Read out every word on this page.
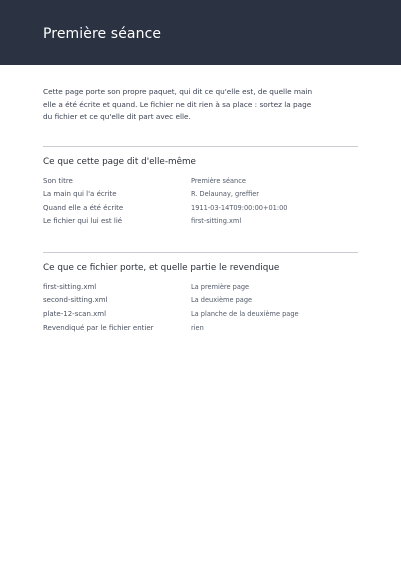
Première séance

Cette page porte son propre paquet, qui dit ce qu'elle est, de quelle main elle a été écrite et quand. Le fichier ne dit rien à sa place : sortez la page du fichier et ce qu'elle dit part avec elle.

Ce que cette page dit d'elle-même
Son titre	Première séance
La main qui l'a écrite	R. Delaunay, greffier
Quand elle a été écrite	1911-03-14T09:00:00+01:00
Le fichier qui lui est lié	first-sitting.xml
Ce que ce fichier porte, et quelle partie le revendique
first-sitting.xml	La première page
second-sitting.xml	La deuxième page
plate-12-scan.xml	La planche de la deuxième page
Revendiqué par le fichier entier	rien
